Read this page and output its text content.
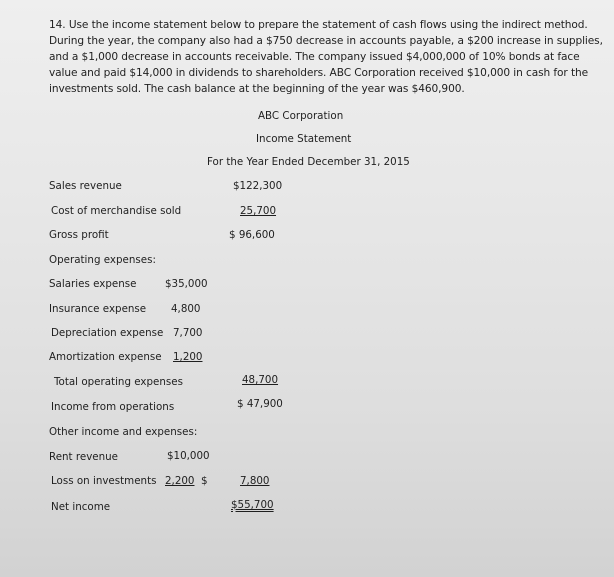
14. Use the income statement below to prepare the statement of cash flows using the indirect method.

During the year, the company also had a $750 decrease in accounts payable, a $200 increase in supplies,

and a $1,000 decrease in accounts receivable. The company issued $4,000,000 of 10% bonds at face

value and paid $14,000 in dividends to shareholders. ABC Corporation received $10,000 in cash for the

investments sold. The cash balance at the beginning of the year was $460,900.

ABC Corporation
Income Statement
For the Year Ended December 31, 2015
Sales revenue	$122,300
Cost of merchandise sold	25,700
Gross profit	$ 96,600
Operating expenses:
Salaries expense	$35,000
Insurance expense 4,800
Depreciation expense 7,700
Amortization expense 1,200
Total operating expenses	48,700
Income from operations	$ 47,900
Other income and expenses:
Rent revenue	$10,000
Loss on investments 2,200 $	7,800
Net income	$55,700
